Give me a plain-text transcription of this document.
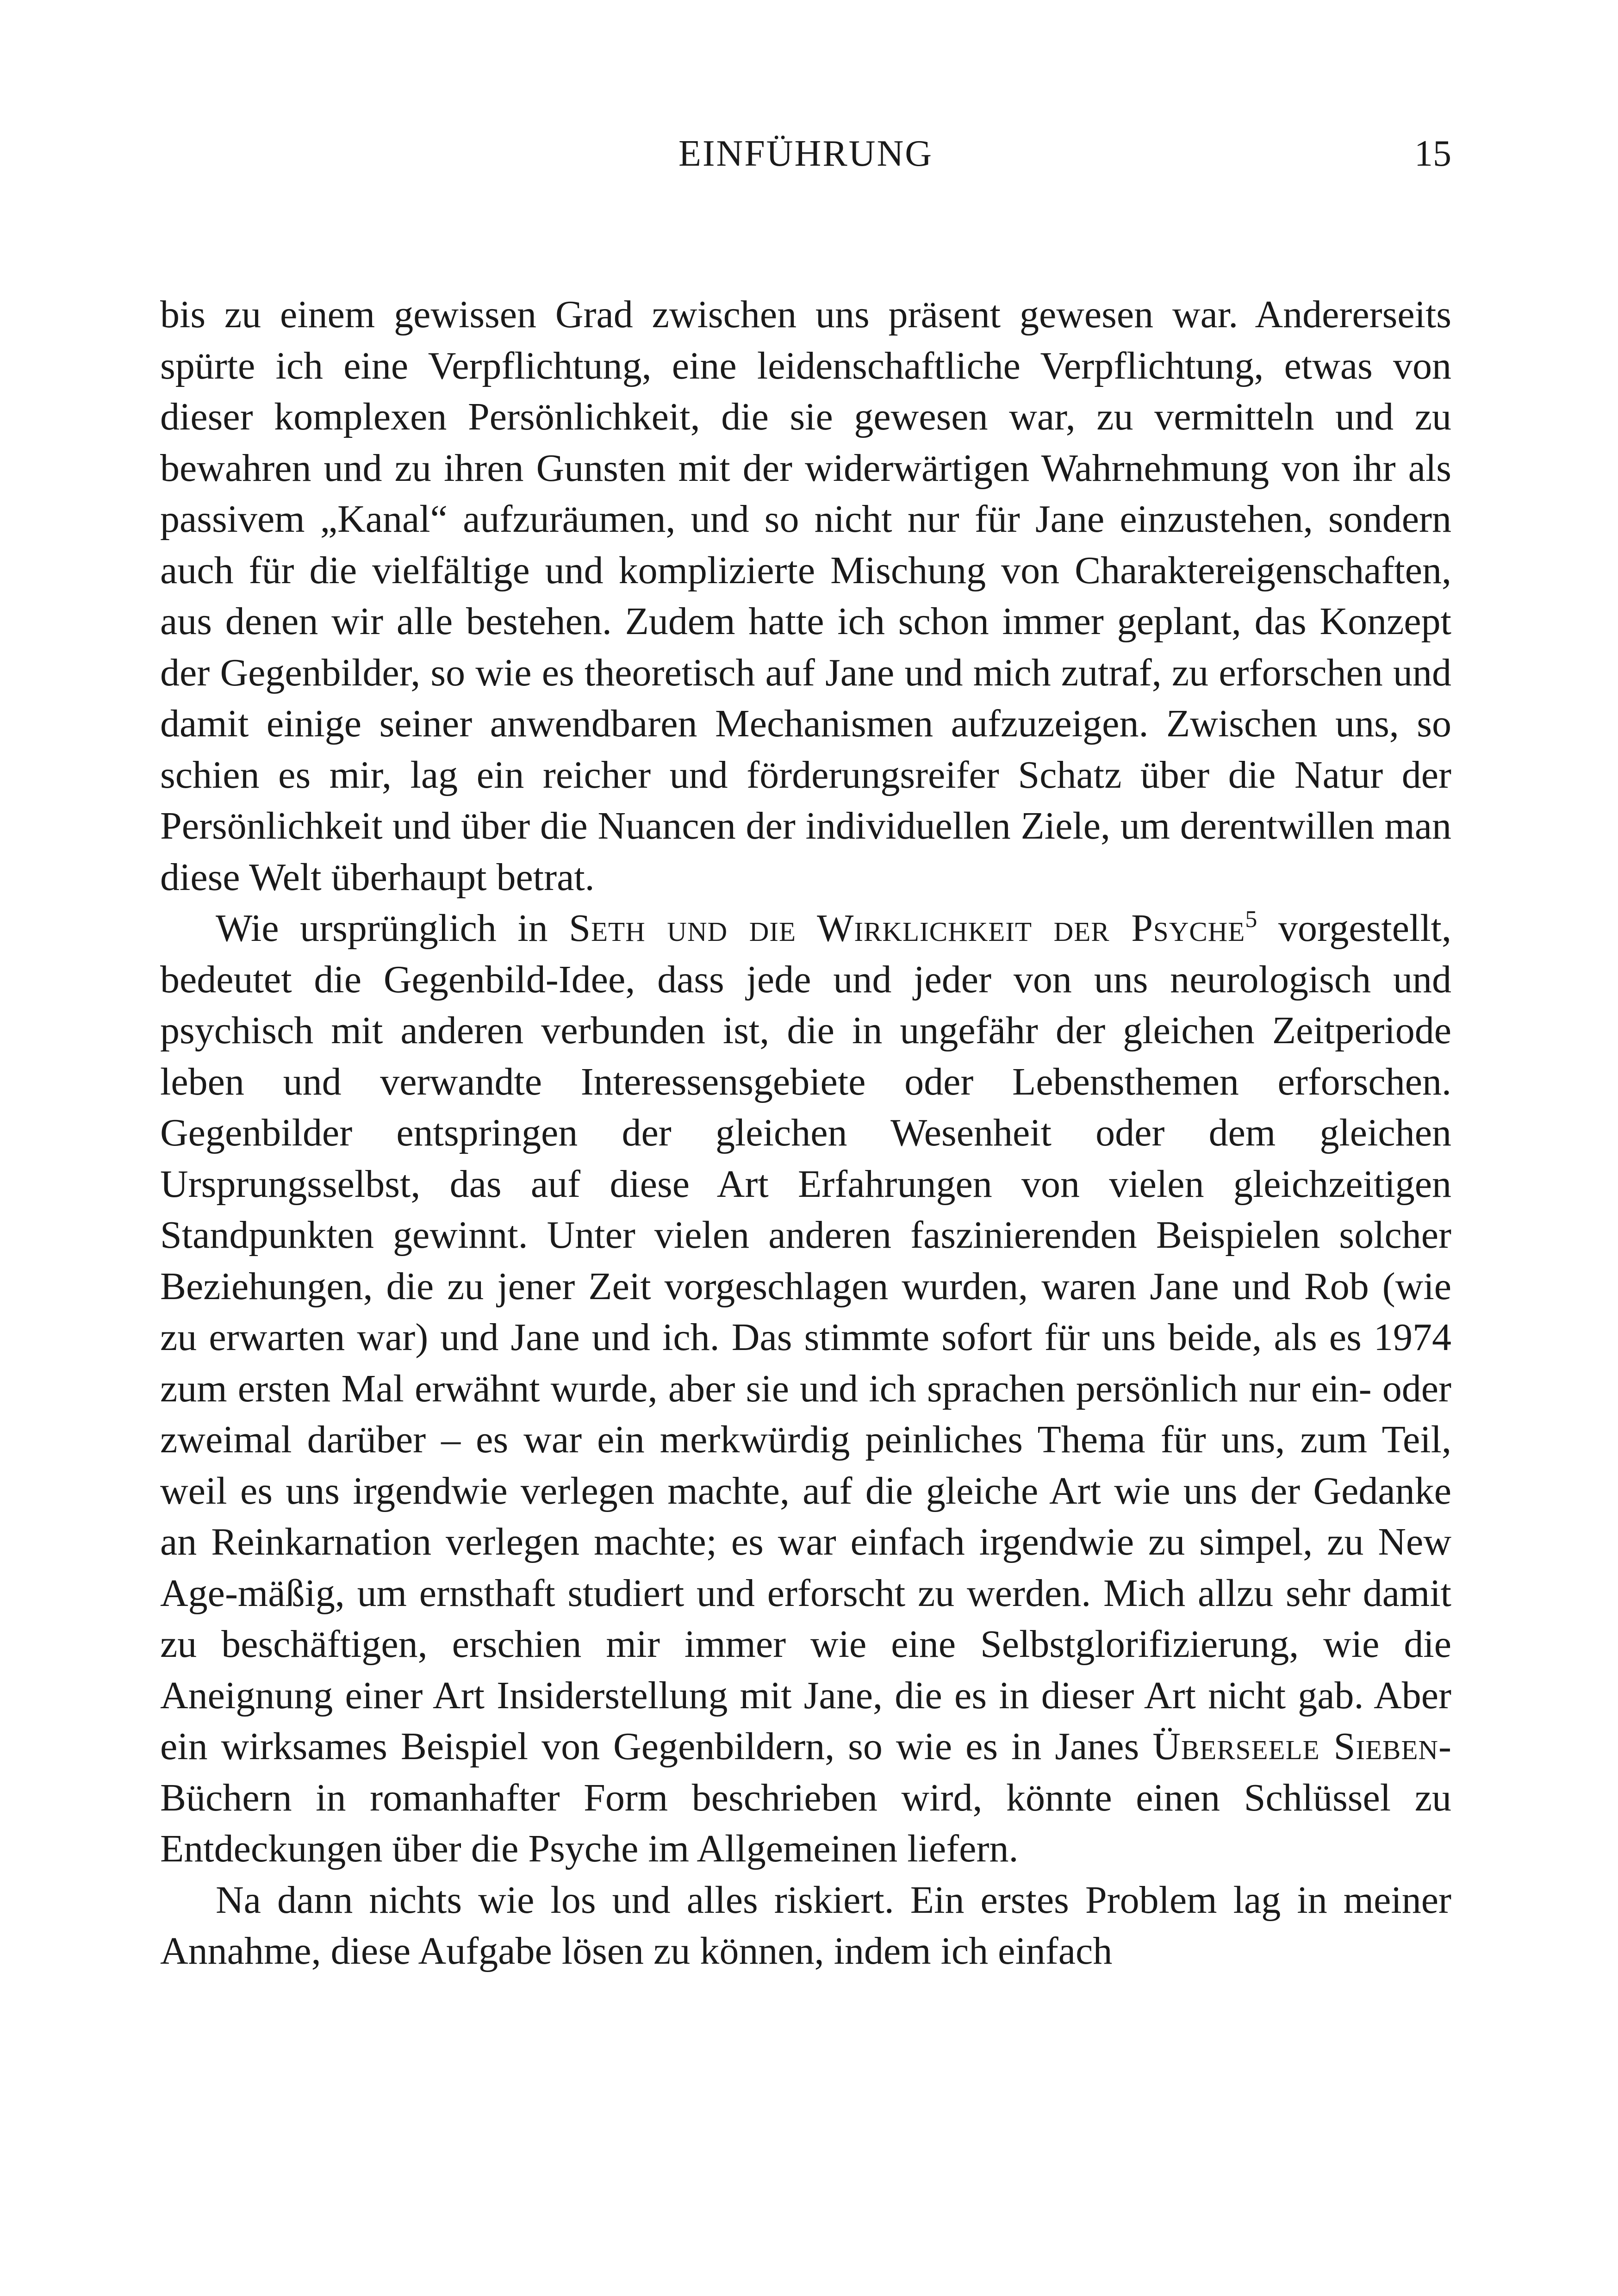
EINFÜHRUNG	15

bis zu einem gewissen Grad zwischen uns präsent gewesen war. Andererseits spürte ich eine Verpflichtung, eine leidenschaftliche Verpflichtung, etwas von dieser komplexen Persönlichkeit, die sie gewesen war, zu vermitteln und zu bewahren und zu ihren Gunsten mit der widerwärtigen Wahrnehmung von ihr als passivem „Kanal“ aufzuräumen, und so nicht nur für Jane einzustehen, sondern auch für die vielfältige und komplizierte Mischung von Charaktereigenschaften, aus denen wir alle bestehen. Zudem hatte ich schon immer geplant, das Konzept der Gegenbilder, so wie es theoretisch auf Jane und mich zutraf, zu erforschen und damit einige seiner anwendbaren Mechanismen aufzuzeigen. Zwischen uns, so schien es mir, lag ein reicher und förderungsreifer Schatz über die Natur der Persönlichkeit und über die Nuancen der individuellen Ziele, um derentwillen man diese Welt überhaupt betrat.

Wie ursprünglich in Seth und die Wirklichkeit der Psyche$^5$ vorgestellt, bedeutet die Gegenbild-Idee, dass jede und jeder von uns neurologisch und psychisch mit anderen verbunden ist, die in ungefähr der gleichen Zeitperiode leben und verwandte Interessensgebiete oder Lebensthemen erforschen. Gegenbilder entspringen der gleichen Wesenheit oder dem gleichen Ursprungsselbst, das auf diese Art Erfahrungen von vielen gleichzeitigen Standpunkten gewinnt. Unter vielen anderen faszinierenden Beispielen solcher Beziehungen, die zu jener Zeit vorgeschlagen wurden, waren Jane und Rob (wie zu erwarten war) und Jane und ich. Das stimmte sofort für uns beide, als es 1974 zum ersten Mal erwähnt wurde, aber sie und ich sprachen persönlich nur ein- oder zweimal darüber – es war ein merkwürdig peinliches Thema für uns, zum Teil, weil es uns irgendwie verlegen machte, auf die gleiche Art wie uns der Gedanke an Reinkarnation verlegen machte; es war einfach irgendwie zu simpel, zu New Age-mäßig, um ernsthaft studiert und erforscht zu werden. Mich allzu sehr damit zu beschäftigen, erschien mir immer wie eine Selbstglorifizierung, wie die Aneignung einer Art Insiderstellung mit Jane, die es in dieser Art nicht gab. Aber ein wirksames Beispiel von Gegenbildern, so wie es in Janes Überseele Sieben-Büchern in romanhafter Form beschrieben wird, könnte einen Schlüssel zu Entdeckungen über die Psyche im Allgemeinen liefern.

Na dann nichts wie los und alles riskiert. Ein erstes Problem lag in meiner Annahme, diese Aufgabe lösen zu können, indem ich einfach
